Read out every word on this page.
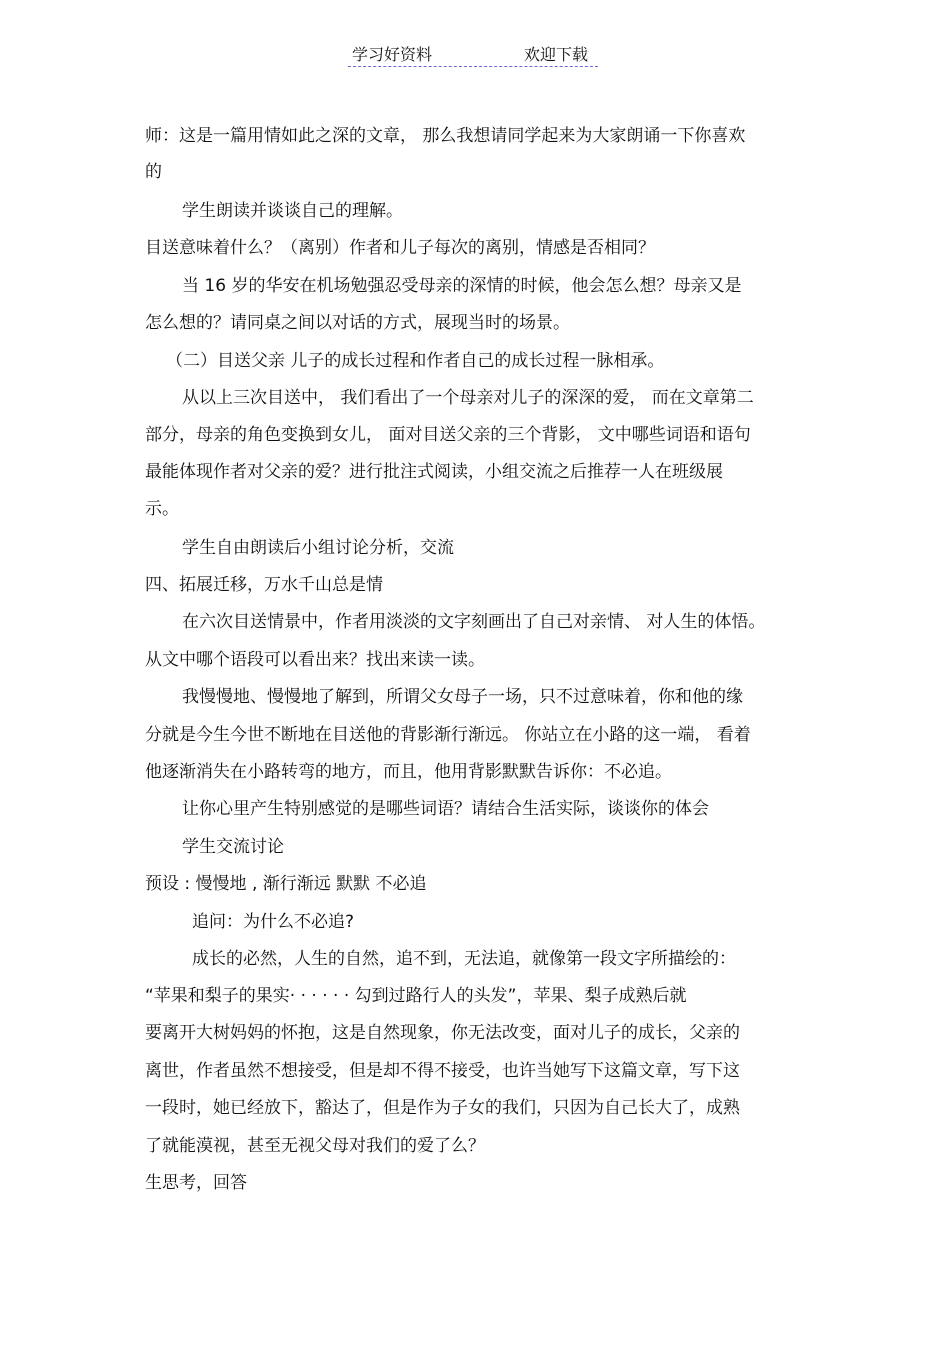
学习好资料	欢迎下载
师：这是一篇用情如此之深的文章， 那么我想请同学起来为大家朗诵一下你喜欢
的
学生朗读并谈谈自己的理解。
目送意味着什么？（离别）作者和儿子每次的离别，情感是否相同？
当 16 岁的华安在机场勉强忍受母亲的深情的时候，他会怎么想？母亲又是
怎么想的？请同桌之间以对话的方式，展现当时的场景。
（二）目送父亲 儿子的成长过程和作者自己的成长过程一脉相承。
从以上三次目送中， 我们看出了一个母亲对儿子的深深的爱， 而在文章第二
部分，母亲的角色变换到女儿， 面对目送父亲的三个背影， 文中哪些词语和语句
最能体现作者对父亲的爱？进行批注式阅读，小组交流之后推荐一人在班级展
示。
学生自由朗读后小组讨论分析，交流
四、拓展迁移，万水千山总是情
在六次目送情景中，作者用淡淡的文字刻画出了自己对亲情、 对人生的体悟。
从文中哪个语段可以看出来？找出来读一读。
我慢慢地、慢慢地了解到，所谓父女母子一场，只不过意味着，你和他的缘
分就是今生今世不断地在目送他的背影渐行渐远。 你站立在小路的这一端， 看着
他逐渐消失在小路转弯的地方，而且，他用背影默默告诉你：不必追。
让你心里产生特别感觉的是哪些词语？请结合生活实际，谈谈你的体会
学生交流讨论
预设 : 慢慢地 , 渐行渐远 默默 不必追
追问：为什么不必追?
成长的必然，人生的自然，追不到，无法追，就像第一段文字所描绘的：
“苹果和梨子的果实· · · · · · 勾到过路行人的头发”，苹果、梨子成熟后就
要离开大树妈妈的怀抱，这是自然现象，你无法改变，面对儿子的成长，父亲的
离世，作者虽然不想接受，但是却不得不接受，也许当她写下这篇文章，写下这
一段时，她已经放下，豁达了，但是作为子女的我们，只因为自己长大了，成熟
了就能漠视，甚至无视父母对我们的爱了么？
生思考，回答
